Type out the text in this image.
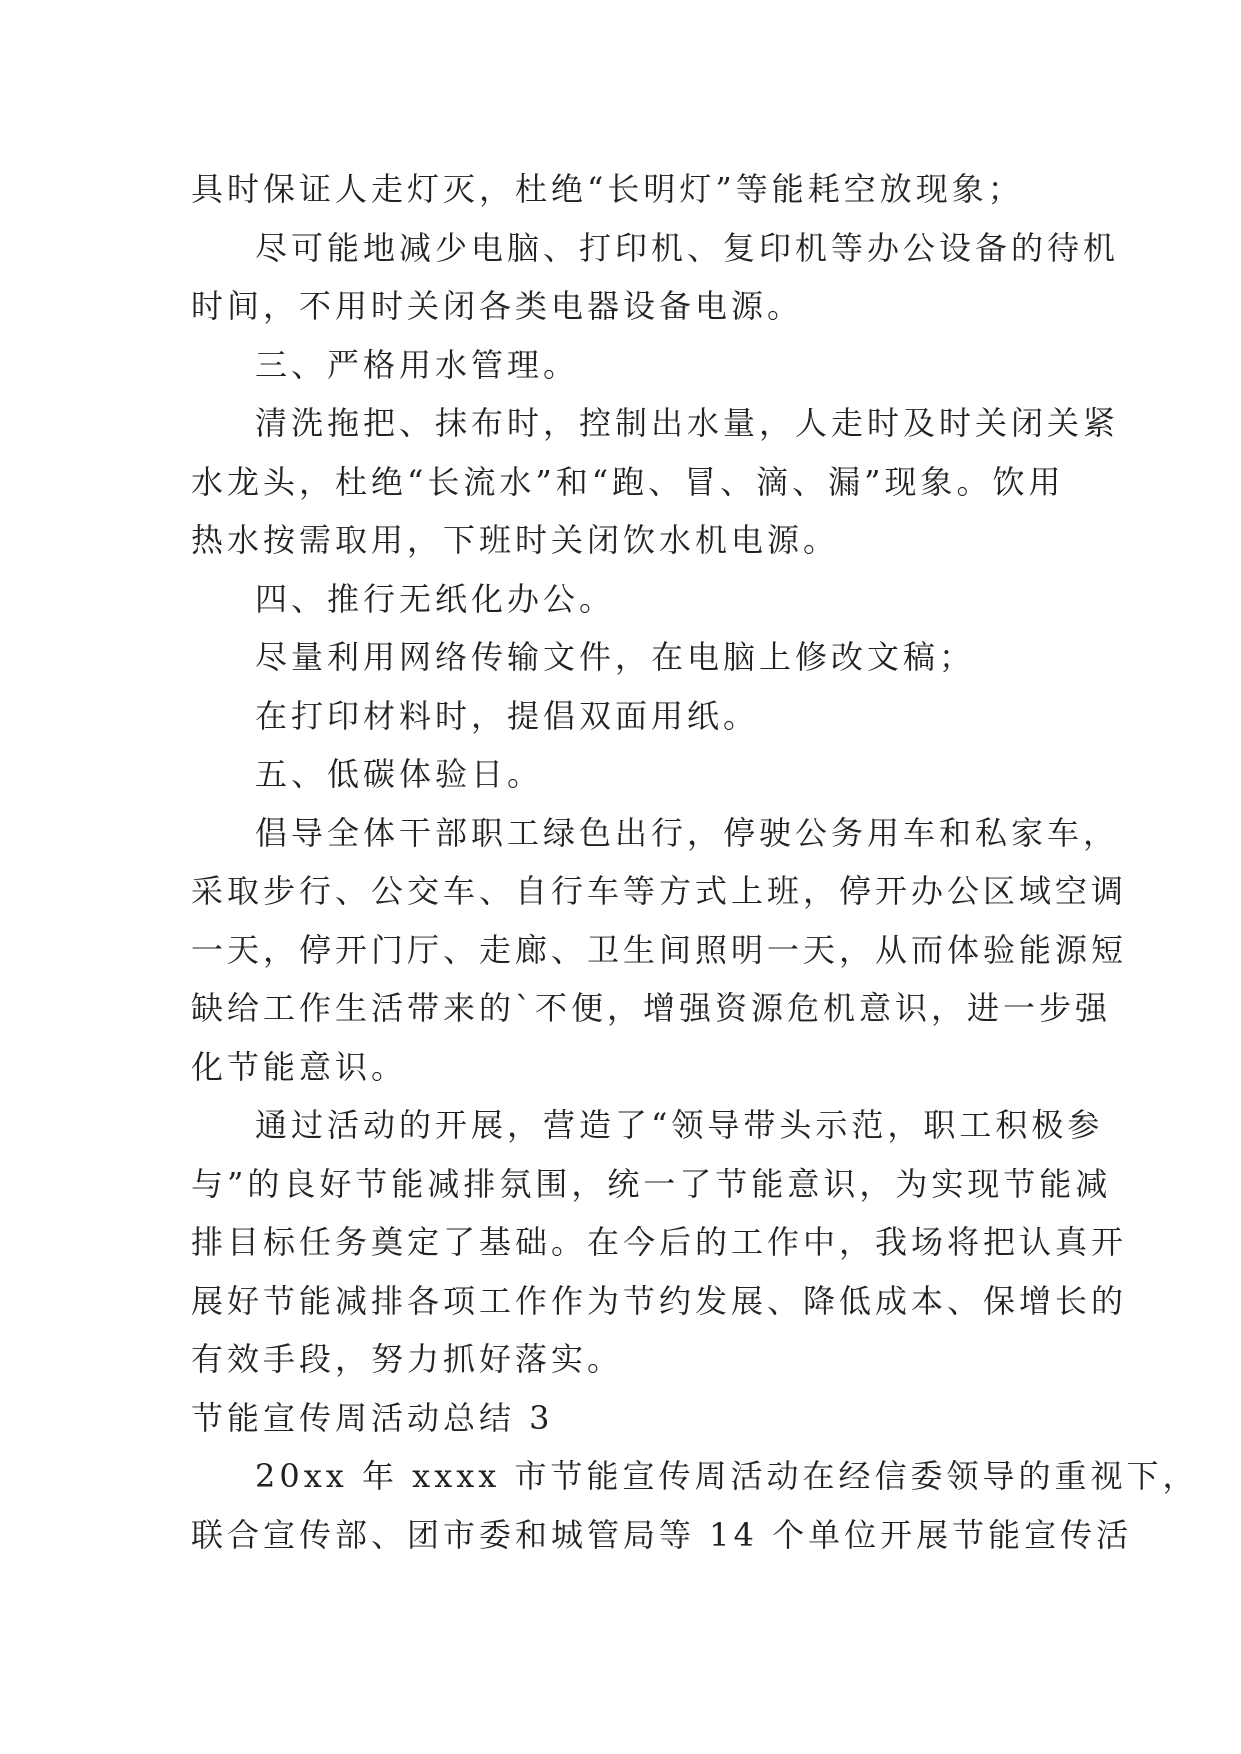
具时保证人走灯灭，杜绝“长明灯”等能耗空放现象；
尽可能地减少电脑、打印机、复印机等办公设备的待机
时间，不用时关闭各类电器设备电源。
三、严格用水管理。
清洗拖把、抹布时，控制出水量，人走时及时关闭关紧
水龙头，杜绝“长流水”和“跑、冒、滴、漏”现象。饮用
热水按需取用，下班时关闭饮水机电源。
四、推行无纸化办公。
尽量利用网络传输文件，在电脑上修改文稿；
在打印材料时，提倡双面用纸。
五、低碳体验日。
倡导全体干部职工绿色出行，停驶公务用车和私家车，
采取步行、公交车、自行车等方式上班，停开办公区域空调
一天，停开门厅、走廊、卫生间照明一天，从而体验能源短
缺给工作生活带来的`不便，增强资源危机意识，进一步强
化节能意识。
通过活动的开展，营造了“领导带头示范，职工积极参
与”的良好节能减排氛围，统一了节能意识，为实现节能减
排目标任务奠定了基础。在今后的工作中，我场将把认真开
展好节能减排各项工作作为节约发展、降低成本、保增长的
有效手段，努力抓好落实。
节能宣传周活动总结 3
20xx 年 xxxx 市节能宣传周活动在经信委领导的重视下，
联合宣传部、团市委和城管局等 14 个单位开展节能宣传活
